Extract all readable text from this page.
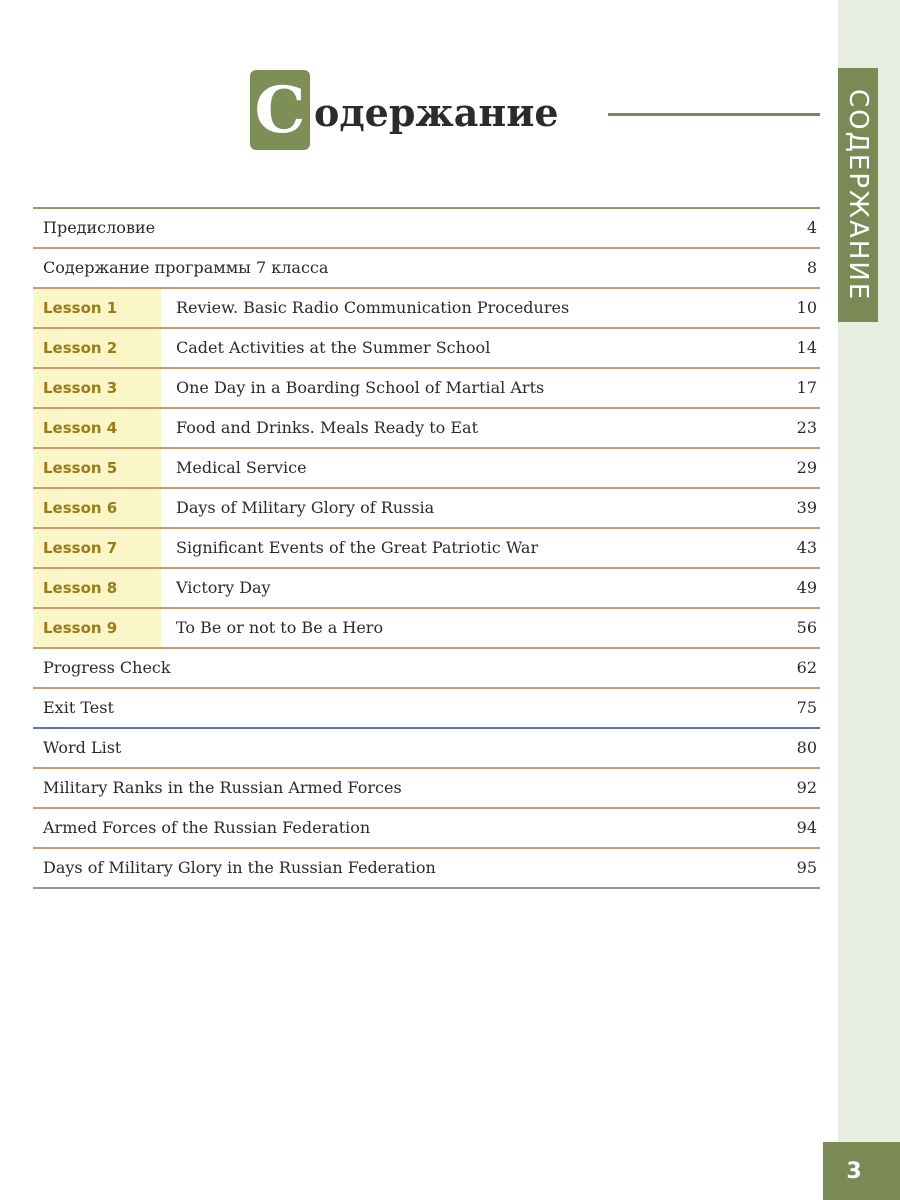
СОДЕРЖАНИЕ
С одержание
Предисловие	4
Содержание программы 7 класса	8
Lesson 1	Review. Basic Radio Communication Procedures	10
Lesson 2	Cadet Activities at the Summer School	14
Lesson 3	One Day in a Boarding School of Martial Arts	17
Lesson 4	Food and Drinks. Meals Ready to Eat	23
Lesson 5	Medical Service	29
Lesson 6	Days of Military Glory of Russia	39
Lesson 7	Significant Events of the Great Patriotic War	43
Lesson 8	Victory Day	49
Lesson 9	To Be or not to Be a Hero	56
Progress Check	62
Exit Test	75
Word List	80
Military Ranks in the Russian Armed Forces	92
Armed Forces of the Russian Federation	94
Days of Military Glory in the Russian Federation	95
3
